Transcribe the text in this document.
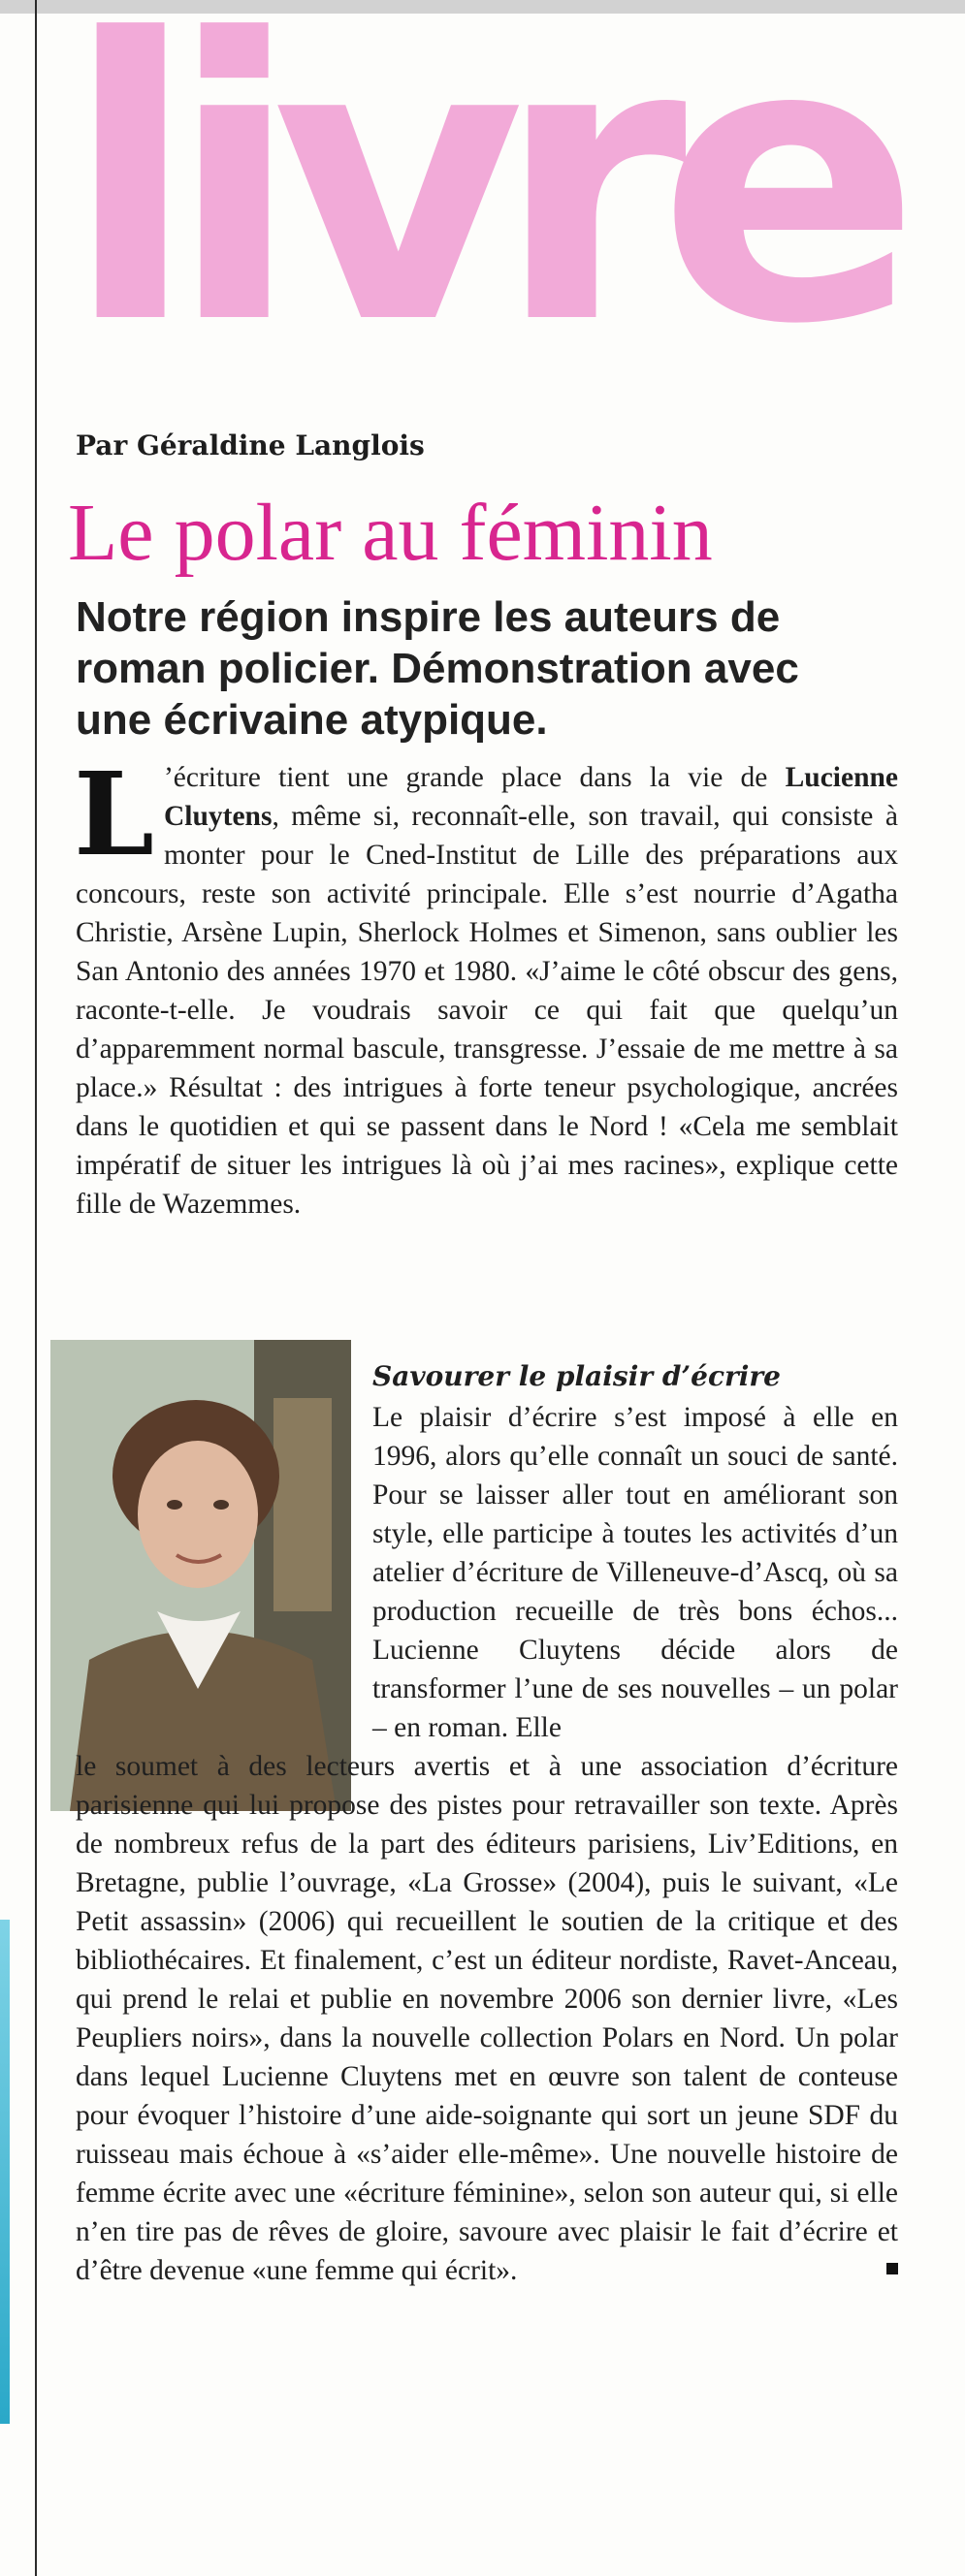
livre
Par Géraldine Langlois
Le polar au féminin
Notre région inspire les auteurs de roman policier. Démonstration avec une écrivaine atypique.
L ’écriture tient une grande place dans la vie de Lucienne Cluytens, même si, reconnaît-elle, son travail, qui consiste à monter pour le Cned-Institut de Lille des préparations aux concours, reste son activité principale. Elle s’est nourrie d’Agatha Christie, Arsène Lupin, Sherlock Holmes et Simenon, sans oublier les San Antonio des années 1970 et 1980. «J’aime le côté obscur des gens, raconte-t-elle. Je voudrais savoir ce qui fait que quelqu’un d’apparemment normal bascule, transgresse. J’essaie de me mettre à sa place.» Résultat : des intrigues à forte teneur psychologique, ancrées dans le quotidien et qui se passent dans le Nord ! «Cela me semblait impératif de situer les intrigues là où j’ai mes racines», explique cette fille de Wazemmes.
Savourer le plaisir d’écrire
Le plaisir d’écrire s’est imposé à elle en 1996, alors qu’elle connaît un souci de santé. Pour se laisser aller tout en améliorant son style, elle participe à toutes les activités d’un atelier d’écriture de Villeneuve-d’Ascq, où sa production recueille de très bons échos... Lucienne Cluytens décide alors de transformer l’une de ses nouvelles – un polar – en roman. Elle
le soumet à des lecteurs avertis et à une association d’écriture parisienne qui lui propose des pistes pour retravailler son texte. Après de nombreux refus de la part des éditeurs parisiens, Liv’Editions, en Bretagne, publie l’ouvrage, «La Grosse» (2004), puis le suivant, «Le Petit assassin» (2006) qui recueillent le soutien de la critique et des bibliothécaires. Et finalement, c’est un éditeur nordiste, Ravet-Anceau, qui prend le relai et publie en novembre 2006 son dernier livre, «Les Peupliers noirs», dans la nouvelle collection Polars en Nord. Un polar dans lequel Lucienne Cluytens met en œuvre son talent de conteuse pour évoquer l’histoire d’une aide-soignante qui sort un jeune SDF du ruisseau mais échoue à «s’aider elle-même». Une nouvelle histoire de femme écrite avec une «écriture féminine», selon son auteur qui, si elle n’en tire pas de rêves de gloire, savoure avec plaisir le fait d’écrire et d’être devenue «une femme qui écrit».
